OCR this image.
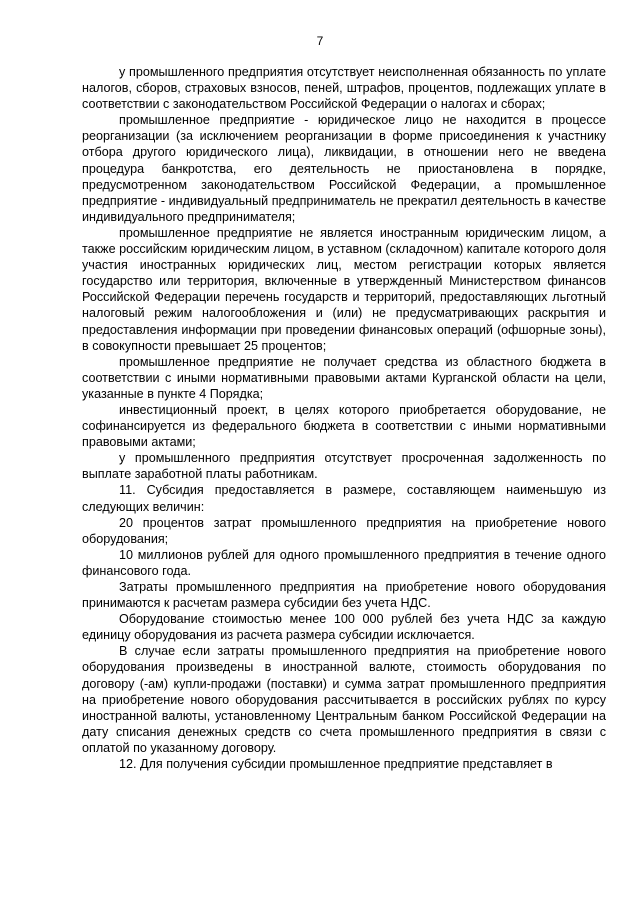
7

у промышленного предприятия отсутствует неисполненная обязанность по уплате налогов, сборов, страховых взносов, пеней, штрафов, процентов, подлежащих уплате в соответствии с законодательством Российской Федерации о налогах и сборах;

промышленное предприятие - юридическое лицо не находится в процессе реорганизации (за исключением реорганизации в форме присоединения к участнику отбора другого юридического лица), ликвидации, в отношении него не введена процедура банкротства, его деятельность не приостановлена в порядке, предусмотренном законодательством Российской Федерации, а промышленное предприятие - индивидуальный предприниматель не прекратил деятельность в качестве индивидуального предпринимателя;

промышленное предприятие не является иностранным юридическим лицом, а также российским юридическим лицом, в уставном (складочном) капитале которого доля участия иностранных юридических лиц, местом регистрации которых является государство или территория, включенные в утвержденный Министерством финансов Российской Федерации перечень государств и территорий, предоставляющих льготный налоговый режим налогообложения и (или) не предусматривающих раскрытия и предоставления информации при проведении финансовых операций (офшорные зоны), в совокупности превышает 25 процентов;

промышленное предприятие не получает средства из областного бюджета в соответствии с иными нормативными правовыми актами Курганской области на цели, указанные в пункте 4 Порядка;

инвестиционный проект, в целях которого приобретается оборудование, не софинансируется из федерального бюджета в соответствии с иными нормативными правовыми актами;

у промышленного предприятия отсутствует просроченная задолженность по выплате заработной платы работникам.

11. Субсидия предоставляется в размере, составляющем наименьшую из следующих величин:

20 процентов затрат промышленного предприятия на приобретение нового оборудования;

10 миллионов рублей для одного промышленного предприятия в течение одного финансового года.

Затраты промышленного предприятия на приобретение нового оборудования принимаются к расчетам размера субсидии без учета НДС.

Оборудование стоимостью менее 100 000 рублей без учета НДС за каждую единицу оборудования из расчета размера субсидии исключается.

В случае если затраты промышленного предприятия на приобретение нового оборудования произведены в иностранной валюте, стоимость оборудования по договору (-ам) купли-продажи (поставки) и сумма затрат промышленного предприятия на приобретение нового оборудования рассчитывается в российских рублях по курсу иностранной валюты, установленному Центральным банком Российской Федерации на дату списания денежных средств со счета промышленного предприятия в связи с оплатой по указанному договору.

12. Для получения субсидии промышленное предприятие представляет в
